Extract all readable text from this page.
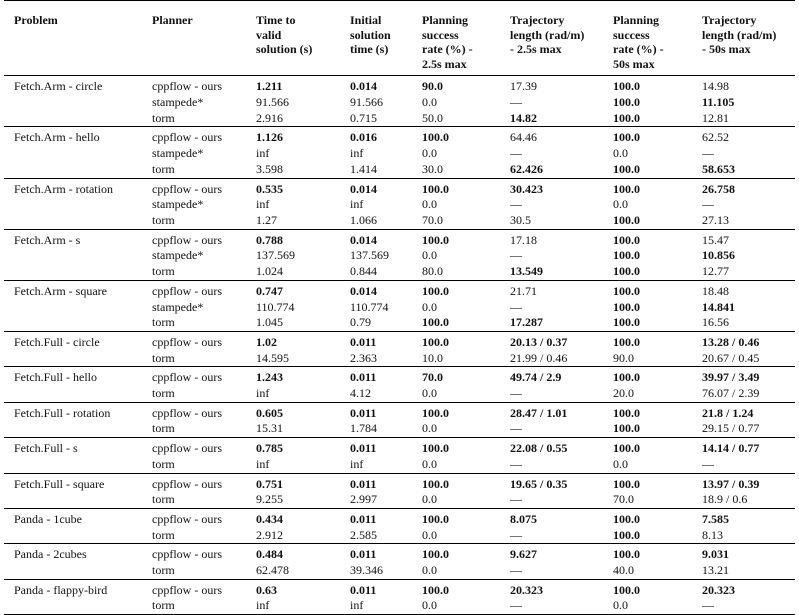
Problem	Planner	Time to
valid
solution (s)	Initial
solution
time (s)	Planning
success
rate (%) -
2.5s max	Trajectory
length (rad/m)
- 2.5s max	Planning
success
rate (%) -
50s max	Trajectory
length (rad/m)
- 50s max
Fetch.Arm - circle	cppflow - ours	1.211	0.014	90.0	17.39	100.0	14.98
	stampede*	91.566	91.566	0.0	—	100.0	11.105
	torm	2.916	0.715	50.0	14.82	100.0	12.81
Fetch.Arm - hello	cppflow - ours	1.126	0.016	100.0	64.46	100.0	62.52
	stampede*	inf	inf	0.0	—	0.0	—
	torm	3.598	1.414	30.0	62.426	100.0	58.653
Fetch.Arm - rotation	cppflow - ours	0.535	0.014	100.0	30.423	100.0	26.758
	stampede*	inf	inf	0.0	—	0.0	—
	torm	1.27	1.066	70.0	30.5	100.0	27.13
Fetch.Arm - s	cppflow - ours	0.788	0.014	100.0	17.18	100.0	15.47
	stampede*	137.569	137.569	0.0	—	100.0	10.856
	torm	1.024	0.844	80.0	13.549	100.0	12.77
Fetch.Arm - square	cppflow - ours	0.747	0.014	100.0	21.71	100.0	18.48
	stampede*	110.774	110.774	0.0	—	100.0	14.841
	torm	1.045	0.79	100.0	17.287	100.0	16.56
Fetch.Full - circle	cppflow - ours	1.02	0.011	100.0	20.13 / 0.37	100.0	13.28 / 0.46
	torm	14.595	2.363	10.0	21.99 / 0.46	90.0	20.67 / 0.45
Fetch.Full - hello	cppflow - ours	1.243	0.011	70.0	49.74 / 2.9	100.0	39.97 / 3.49
	torm	inf	4.12	0.0	—	20.0	76.07 / 2.39
Fetch.Full - rotation	cppflow - ours	0.605	0.011	100.0	28.47 / 1.01	100.0	21.8 / 1.24
	torm	15.31	1.784	0.0	—	100.0	29.15 / 0.77
Fetch.Full - s	cppflow - ours	0.785	0.011	100.0	22.08 / 0.55	100.0	14.14 / 0.77
	torm	inf	inf	0.0	—	0.0	—
Fetch.Full - square	cppflow - ours	0.751	0.011	100.0	19.65 / 0.35	100.0	13.97 / 0.39
	torm	9.255	2.997	0.0	—	70.0	18.9 / 0.6
Panda - 1cube	cppflow - ours	0.434	0.011	100.0	8.075	100.0	7.585
	torm	2.912	2.585	0.0	—	100.0	8.13
Panda - 2cubes	cppflow - ours	0.484	0.011	100.0	9.627	100.0	9.031
	torm	62.478	39.346	0.0	—	40.0	13.21
Panda - flappy-bird	cppflow - ours	0.63	0.011	100.0	20.323	100.0	20.323
	torm	inf	inf	0.0	—	0.0	—
